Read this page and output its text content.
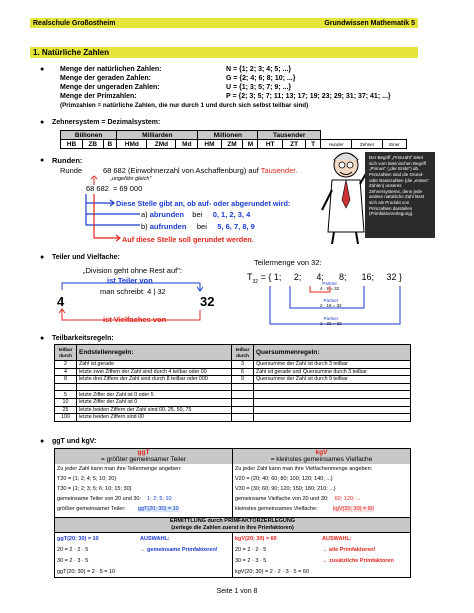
Realschule Großostheim	Grundwissen Mathematik 5
1. Natürliche Zahlen
● Menge der natürlichen Zahlen:	N = {1; 2; 3; 4; 5; ...}
Menge der geraden Zahlen:	G = {2; 4; 6; 8; 10; ...}
Menge der ungeraden Zahlen:	U = {1; 3; 5; 7; 9; ...}
Menge der Primzahlen:	P = {2; 3; 5; 7; 11; 13; 17; 19; 23; 29; 31; 37; 41; ...}
(Primzahlen = natürliche Zahlen, die nur durch 1 und durch sich selbst teilbar sind)
● Zehnersystem = Dezimalsystem:
Billionen			Milliarden			Millionen			Tausender					
HB	ZB	B	HMd	ZMd	Md	HM	ZM	M	HT	ZT	T	Hunder	Zehner	Einer
● Runden:
Runde	68 682 (Einwohnerzahl von Aschaffenburg) auf Tausender.
„ungefähr gleich"
68 682 ≈ 69 000
Diese Stelle gibt an, ob auf- oder abgerundet wird:
a) abrunden bei 0, 1, 2, 3, 4
b) aufrunden bei 5, 6, 7, 8, 9
Auf diese Stelle soll gerundet werden.
Der Begriff „Primzahl" leitet sich vom lateinischen Begriff „Primus" („der Erste") ab. Primzahlen sind die Grund- oder Basiszahlen (die „ersten" Zahlen) unseres Zehnersystems, denn jede andere natürliche Zahl lässt sich als Produkt von Primzahlen darstellen (Primfaktorzerlegung).
● Teiler und Vielfache:
„Division geht ohne Rest auf":
ist Teiler von
man schreibt: 4 | 32
4	32
ist Vielfaches von
Teilermenge von 32:
$T_{32}$ = { 1; 2; 4; 8; 16; 32 }
Partner
4 · 8 = 32
Partner
2 · 16 = 32
Partner
1 · 32 = 32
● Teilbarkeitsregeln:
teilbar durch	Endstellenregeln:	teilbar durch	Quersummenregeln:
2	Zahl ist gerade	3	Quersumme der Zahl ist durch 3 teilbar
4	letzte zwei Ziffern der Zahl sind durch 4 teilbar oder 00	6	Zahl ist gerade und Quersumme durch 3 teilbar
8	letzte drei Ziffern der Zahl sind durch 8 teilbar oder 000	9	Quersumme der Zahl ist durch 9 teilbar

5	letzte Ziffer der Zahl ist 0 oder 5		
10	letzte Ziffer der Zahl ist 0		
25	letzte beiden Ziffern der Zahl sind 00, 25, 50, 75		
100	letzte beiden Ziffern sind 00		
● ggT und kgV:
ggT
= größter gemeinsamer Teiler
kgV
= kleinstes gemeinsames Vielfache
Zu jeder Zahl kann man ihre Teilermenge angeben:
T20 = {1; 2; 4; 5; 10; 20}
T30 = {1; 2; 3; 5; 6; 10; 15; 30}
gemeinsame Teiler von 20 und 30: 1; 2; 5; 10
größter gemeinsamer Teiler: ggT(20; 30) = 10
Zu jeder Zahl kann man ihre Vielfachenmenge angeben:
V20 = {20; 40; 60; 80; 100; 120; 140; ...}
V30 = {30; 60; 90; 120; 150; 180; 210; ...}
gemeinsame Vielfache von 20 und 30: 60; 120; ...
kleinstes gemeinsames Vielfache:	kgV(20; 30) = 60
ERMITTLUNG durch PRIMFAKTORZERLEGUNG
(zerlege die Zahlen zuerst in ihre Primfaktoren)
ggT(20; 30) = 10
20 = 2 · 2 · 5
30 = 2 · 3 · 5
ggT(20; 30) = 2 · 5 = 10
AUSWAHL:
→ gemeinsame Primfaktoren!
kgV(20; 30) = 60
20 = 2 · 2 · 5
30 = 2 · 3 · 5
kgV(20; 30) = 2 · 2 · 3 · 5 = 60
AUSWAHL:
→ alle Primfaktoren!
→ zusätzliche Primfaktoren
Seite 1 von 8
